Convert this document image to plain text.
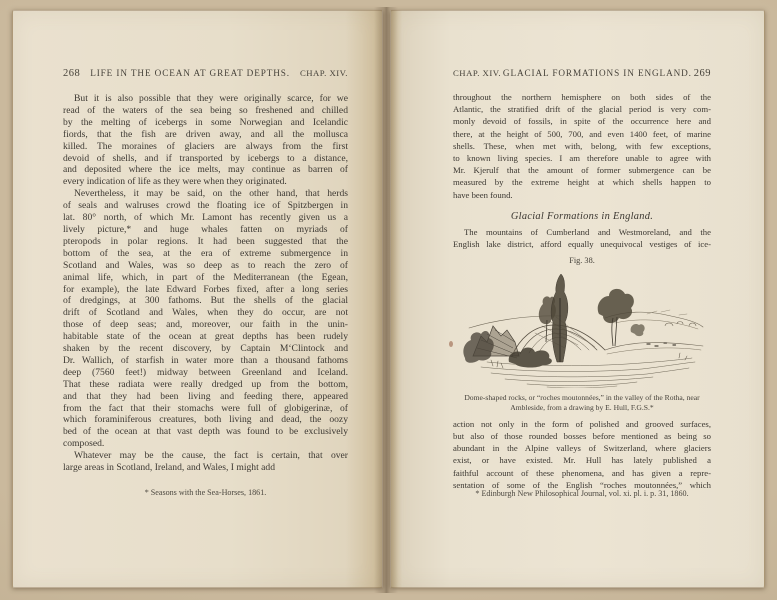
268 LIFE IN THE OCEAN AT GREAT DEPTHS. CHAP. XIV.
But it is also possible that they were originally scarce, for we
read of the waters of the sea being so freshened and chilled
by the melting of icebergs in some Norwegian and Icelandic
fiords, that the fish are driven away, and all the mollusca
killed. The moraines of glaciers are always from the first
devoid of shells, and if transported by icebergs to a distance,
and deposited where the ice melts, may continue as barren of
every indication of life as they were when they originated.
Nevertheless, it may be said, on the other hand, that herds
of seals and walruses crowd the floating ice of Spitzbergen in
lat. 80° north, of which Mr. Lamont has recently given us a
lively picture,* and huge whales fatten on myriads of
pteropods in polar regions. It had been suggested that the
bottom of the sea, at the era of extreme submergence in
Scotland and Wales, was so deep as to reach the zero of
animal life, which, in part of the Mediterranean (the Egean,
for example), the late Edward Forbes fixed, after a long series
of dredgings, at 300 fathoms. But the shells of the glacial
drift of Scotland and Wales, when they do occur, are not
those of deep seas; and, moreover, our faith in the unin-
habitable state of the ocean at great depths has been rudely
shaken by the recent discovery, by Captain M‘Clintock and
Dr. Wallich, of starfish in water more than a thousand fathoms
deep (7560 feet!) midway between Greenland and Iceland.
That these radiata were really dredged up from the bottom,
and that they had been living and feeding there, appeared
from the fact that their stomachs were full of globigerinæ, of
which foraminiferous creatures, both living and dead, the oozy
bed of the ocean at that vast depth was found to be exclusively
composed.
Whatever may be the cause, the fact is certain, that over
large areas in Scotland, Ireland, and Wales, I might add
* Seasons with the Sea-Horses, 1861.
CHAP. XIV. GLACIAL FORMATIONS IN ENGLAND. 269
throughout the northern hemisphere on both sides of the
Atlantic, the stratified drift of the glacial period is very com-
monly devoid of fossils, in spite of the occurrence here and
there, at the height of 500, 700, and even 1400 feet, of marine
shells. These, when met with, belong, with few exceptions,
to known living species. I am therefore unable to agree with
Mr. Kjerulf that the amount of former submergence can be
measured by the extreme height at which shells happen to
have been found.
Glacial Formations in England.
The mountains of Cumberland and Westmoreland, and the
English lake district, afford equally unequivocal vestiges of ice-
Fig. 38.
Dome-shaped rocks, or “roches moutonnées,” in the valley of the Rotha, near
Ambleside, from a drawing by E. Hull, F.G.S.*
action not only in the form of polished and grooved surfaces,
but also of those rounded bosses before mentioned as being so
abundant in the Alpine valleys of Switzerland, where glaciers
exist, or have existed. Mr. Hull has lately published a
faithful account of these phenomena, and has given a repre-
sentation of some of the English “roches moutonnées,” which
* Edinburgh New Philosophical Journal, vol. xi. pl. i. p. 31, 1860.
